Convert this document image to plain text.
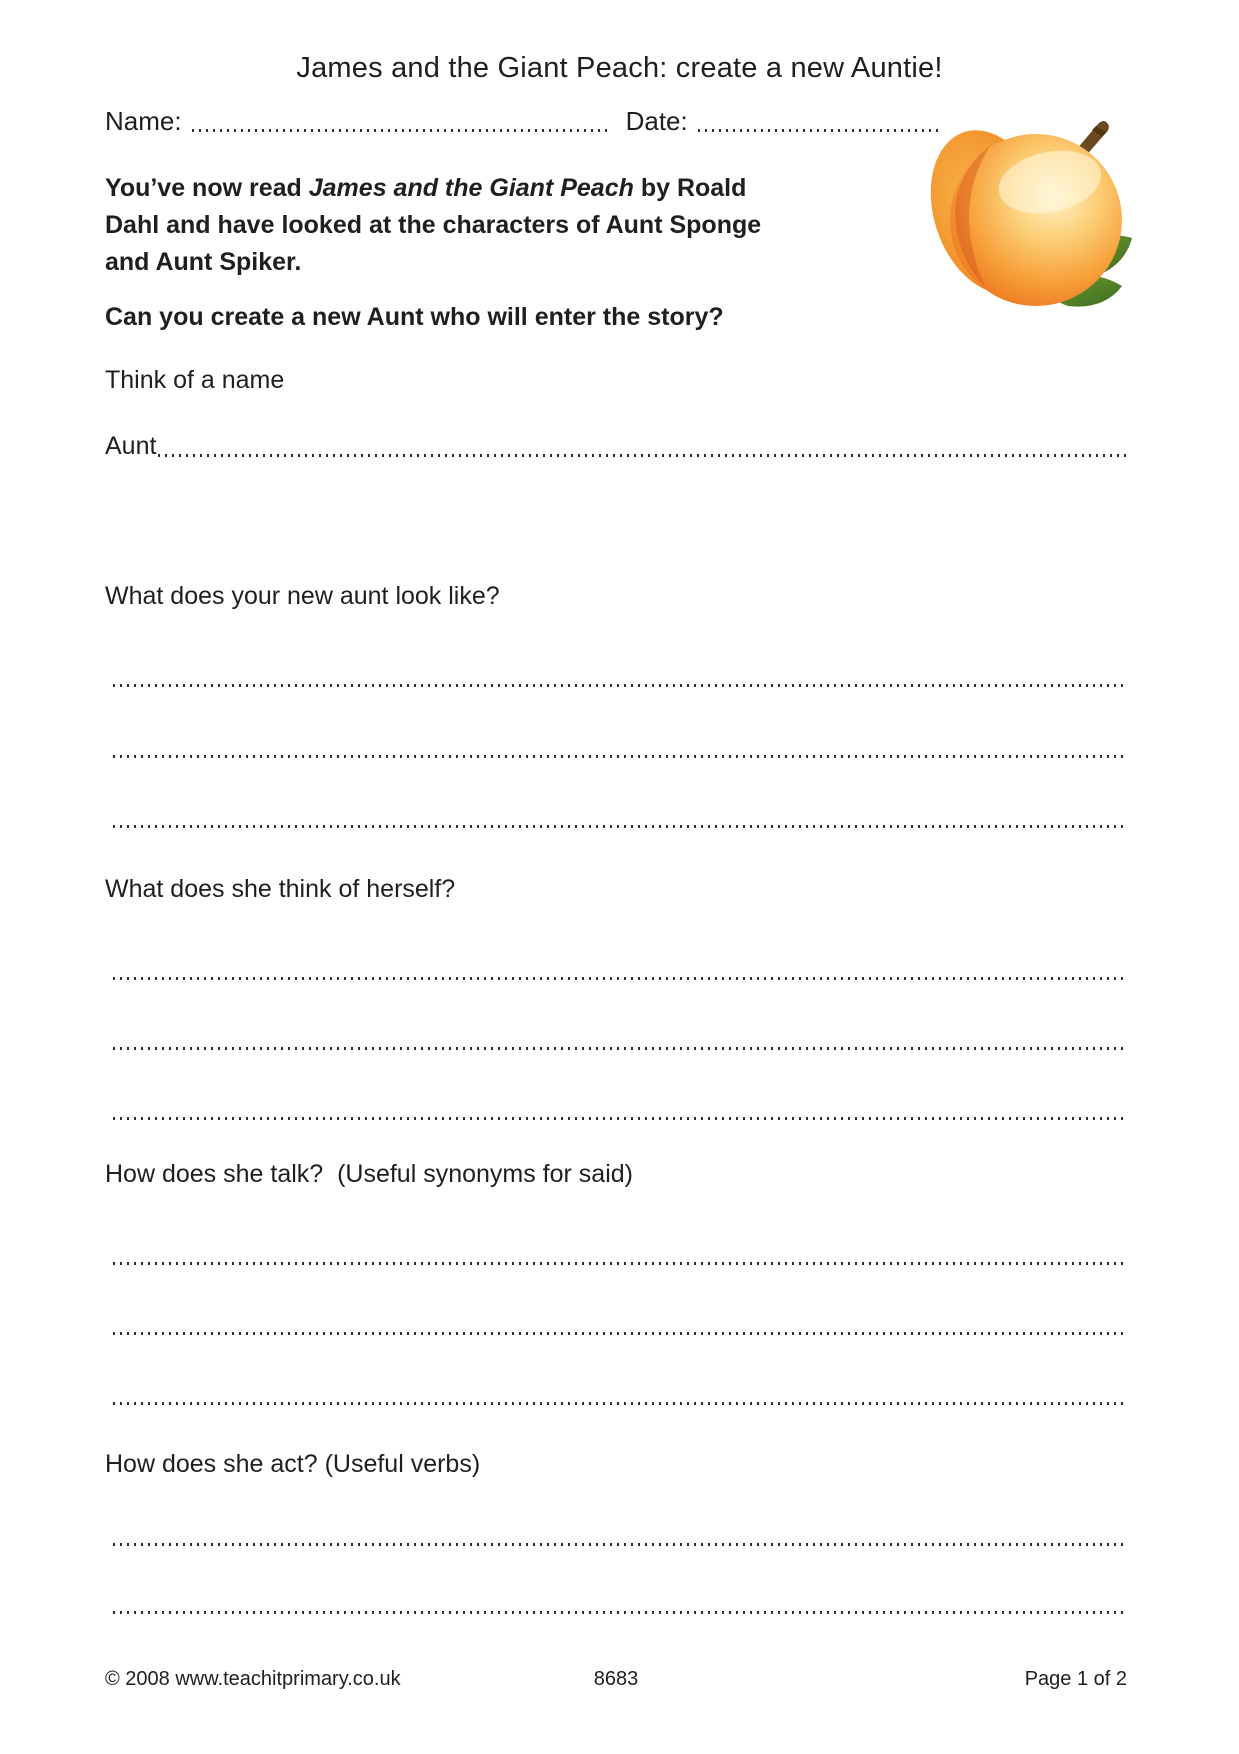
James and the Giant Peach: create a new Auntie!
Name:	Date:
You’ve now read James and the Giant Peach by Roald
Dahl and have looked at the characters of Aunt Sponge
and Aunt Spiker.
Can you create a new Aunt who will enter the story?
Think of a name
Aunt
What does your new aunt look like?
What does she think of herself?
How does she talk?  (Useful synonyms for said)
How does she act? (Useful verbs)
8683
© 2008 www.teachitprimary.co.uk	Page 1 of 2
